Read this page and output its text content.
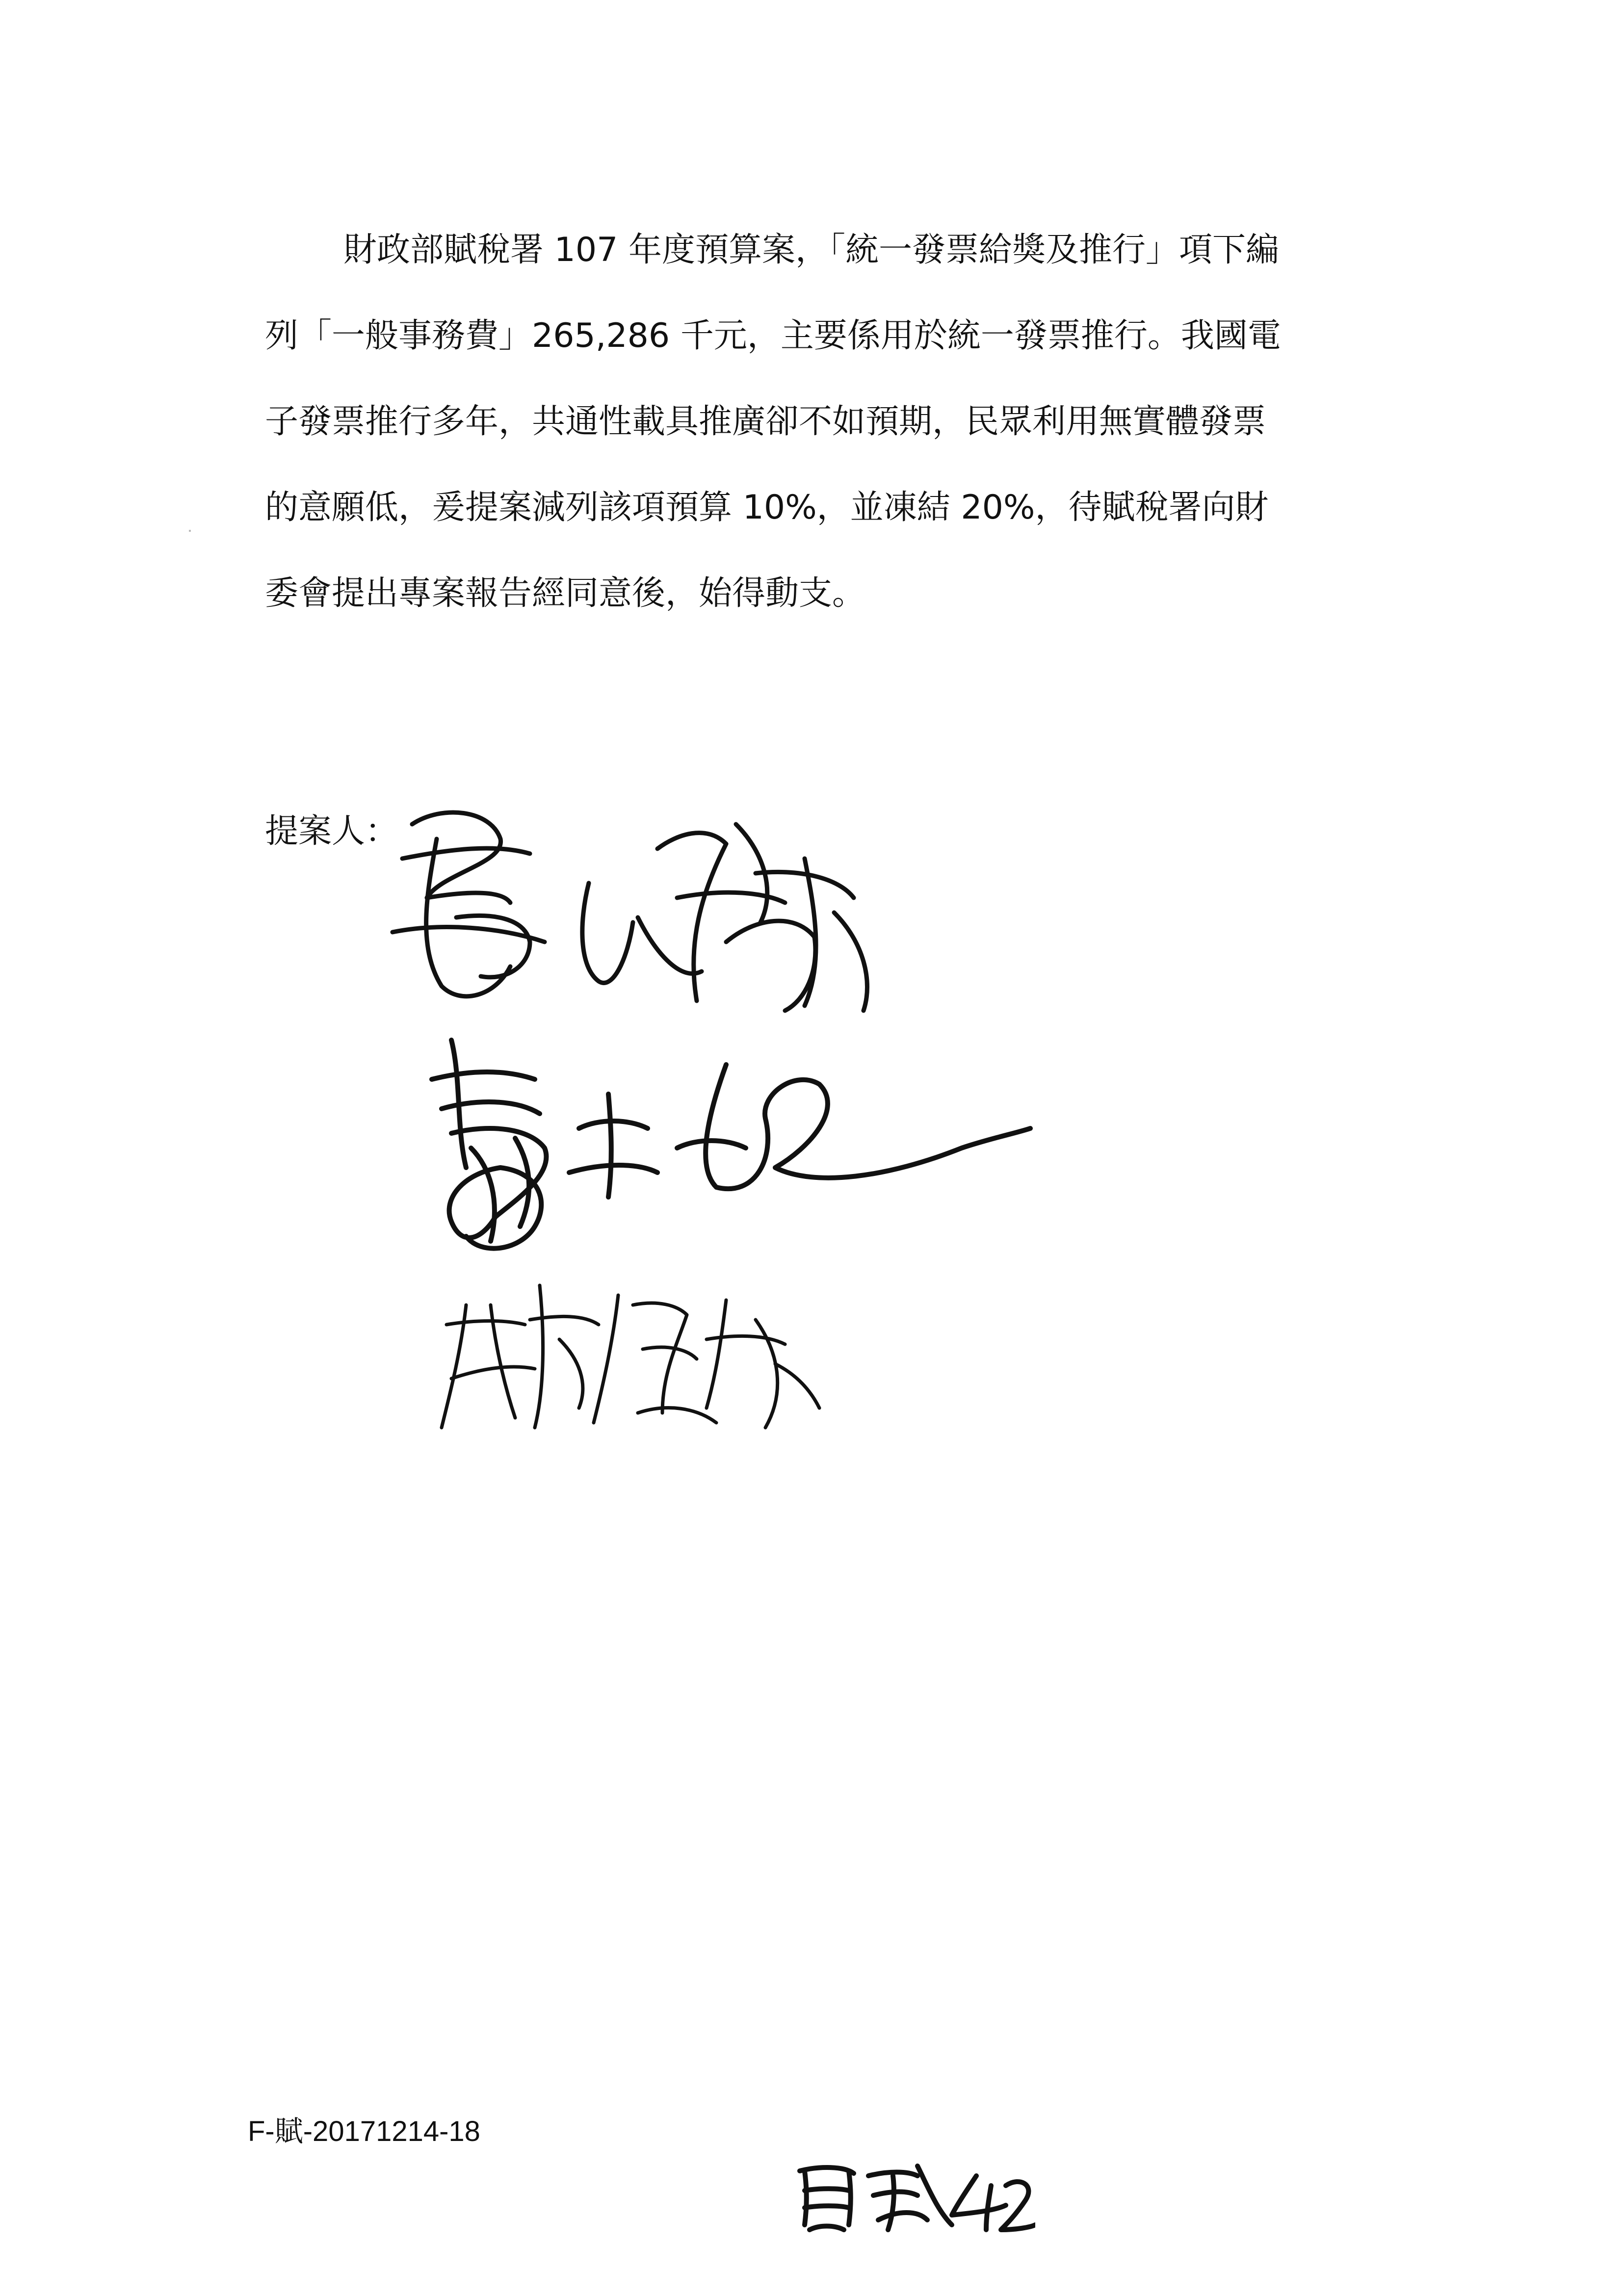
財政部賦稅署 107 年度預算案，「統一發票給獎及推行」項下編
列「一般事務費」265,286 千元，主要係用於統一發票推行。我國電
子發票推行多年，共通性載具推廣卻不如預期，民眾利用無實體發票
的意願低，爰提案減列該項預算 10%，並凍結 20%，待賦稅署向財
委會提出專案報告經同意後，始得動支。
提案人：
F-賦-20171214-18
